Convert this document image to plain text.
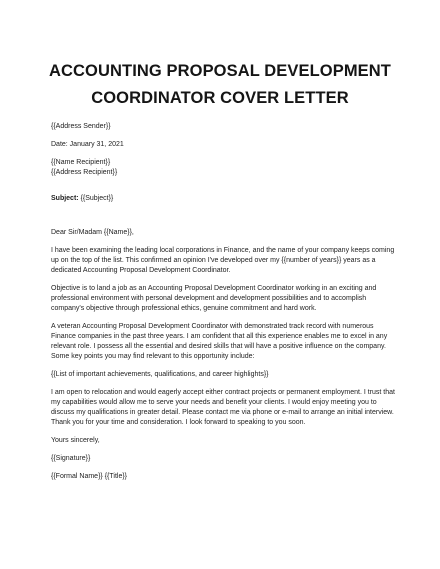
ACCOUNTING PROPOSAL DEVELOPMENT
COORDINATOR COVER LETTER

{{Address Sender}}

Date: January 31, 2021

{{Name Recipient}}

{{Address Recipient}}

Subject: {{Subject}}

Dear Sir/Madam {{Name}},

I have been examining the leading local corporations in Finance, and the name of your company keeps coming up on the top of the list. This confirmed an opinion I've developed over my {{number of years}} years as a dedicated Accounting Proposal Development Coordinator.

Objective is to land a job as an Accounting Proposal Development Coordinator working in an exciting and professional environment with personal development and development possibilities and to accomplish company's objective through professional ethics, genuine commitment and hard work.

A veteran Accounting Proposal Development Coordinator with demonstrated track record with numerous Finance companies in the past three years. I am confident that all this experience enables me to excel in any relevant role. I possess all the essential and desired skills that will have a positive influence on the company. Some key points you may find relevant to this opportunity include:

{{List of important achievements, qualifications, and career highlights}}

I am open to relocation and would eagerly accept either contract projects or permanent employment. I trust that my capabilities would allow me to serve your needs and benefit your clients. I would enjoy meeting you to discuss my qualifications in greater detail. Please contact me via phone or e-mail to arrange an initial interview. Thank you for your time and consideration. I look forward to speaking to you soon.

Yours sincerely,

{{Signature}}

{{Formal Name}} {{Title}}
